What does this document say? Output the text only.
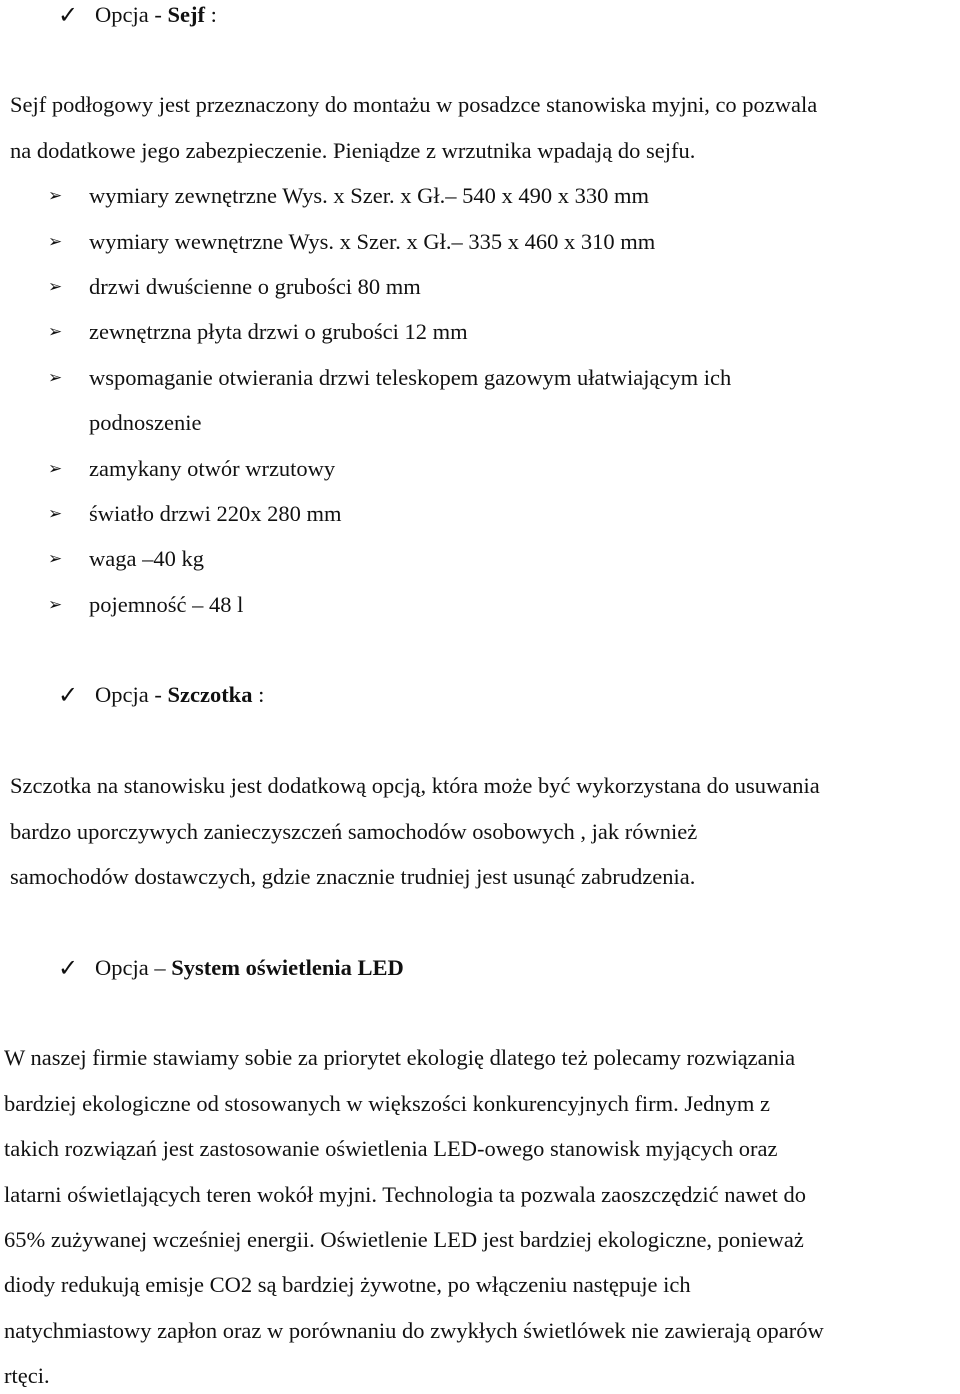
✓ Opcja - Sejf :
Sejf podłogowy jest przeznaczony do montażu w posadzce stanowiska myjni, co pozwala
na dodatkowe jego zabezpieczenie. Pieniądze z wrzutnika wpadają do sejfu.
➢ wymiary zewnętrzne Wys. x Szer. x Gł.– 540 x 490 x 330 mm
➢ wymiary wewnętrzne Wys. x Szer. x Gł.– 335 x 460 x 310 mm
➢ drzwi dwuścienne o grubości 80 mm
➢ zewnętrzna płyta drzwi o grubości 12 mm
➢ wspomaganie otwierania drzwi teleskopem gazowym ułatwiającym ich
podnoszenie
➢ zamykany otwór wrzutowy
➢ światło drzwi 220x 280 mm
➢ waga –40 kg
➢ pojemność – 48 l
✓ Opcja - Szczotka :
Szczotka na stanowisku jest dodatkową opcją, która może być wykorzystana do usuwania
bardzo uporczywych zanieczyszczeń samochodów osobowych , jak również
samochodów dostawczych, gdzie znacznie trudniej jest usunąć zabrudzenia.
✓ Opcja – System oświetlenia LED
W naszej firmie stawiamy sobie za priorytet ekologię dlatego też polecamy rozwiązania
bardziej ekologiczne od stosowanych w większości konkurencyjnych firm. Jednym z
takich rozwiązań jest zastosowanie oświetlenia LED-owego stanowisk myjących oraz
latarni oświetlających teren wokół myjni. Technologia ta pozwala zaoszczędzić nawet do
65% zużywanej wcześniej energii. Oświetlenie LED jest bardziej ekologiczne, ponieważ
diody redukują emisje CO2 są bardziej żywotne, po włączeniu następuje ich
natychmiastowy zapłon oraz w porównaniu do zwykłych świetlówek nie zawierają oparów
rtęci.
